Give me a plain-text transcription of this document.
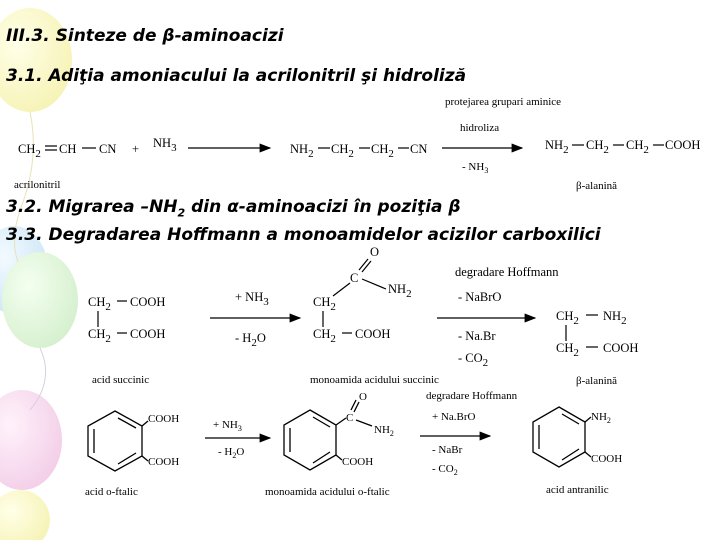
III.3. Sinteze de β-aminoacizi

3.1. Adiţia amoniacului la acrilonitril şi hidroliză

3.2. Migrarea $-NH_2$ din α-aminoacizi în poziţia β

3.3. Degradarea Hoffmann a monoamidelor acizilor carboxilici

CH2 CH CN + NH3	NH2 CH2 CH2 CN
protejarea grupari aminice
hidroliza
- $NH_3$
NH2 CH2 CH2 COOH
acrilonitril	β-alanină
CH2 COOH
CH2 COOH
+ NH3
- H2O
CH2
C
O
NH2
CH2 COOH
degradare Hoffmann
- NaBrO
- Na.Br
- CO2
CH2 NH2
CH2 COOH
acid succinic	monoamida acidului succinic	β-alanină
COOH
COOH
+ $NH_3$
- $H_2O$
C
O
$NH_2$
COOH
degradare Hoffmann
+ Na.BrO
- NaBr
- $CO_2$
$NH_2$
COOH
acid o-ftalic	monoamida acidului o-ftalic	acid antranilic
